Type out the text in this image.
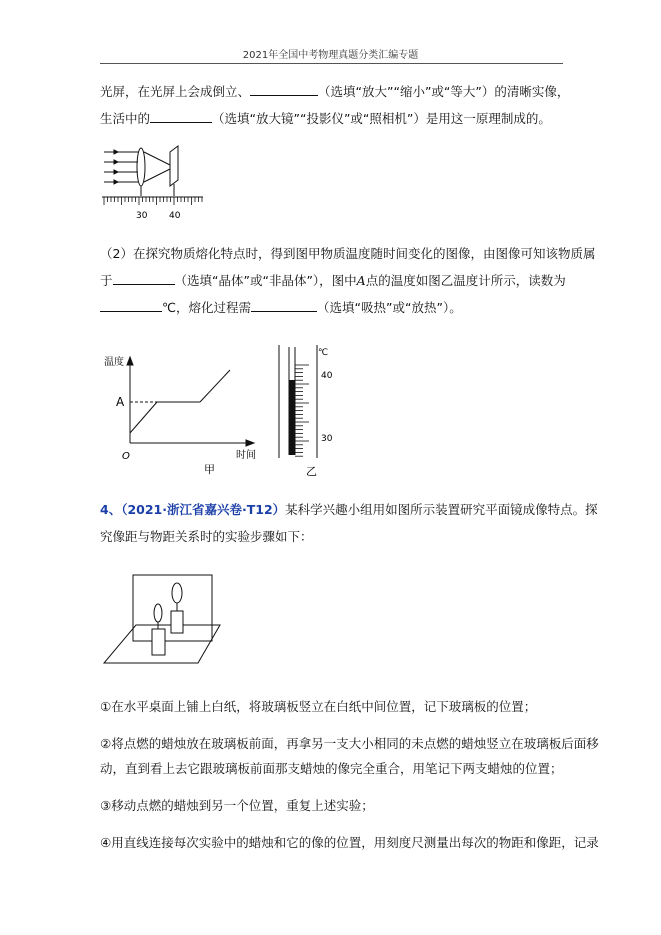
2021年全国中考物理真题分类汇编专题
光屏，在光屏上会成倒立、	（选填“放大”“缩小”或“等大”）的清晰实像，
生活中的	（选填“放大镜”“投影仪”或“照相机”）是用这一原理制成的。
30 40
（2）在探究物质熔化特点时，得到图甲物质温度随时间变化的图像，由图像可知该物质属
于	（选填“晶体”或“非晶体”），图中A点的温度如图乙温度计所示，读数为
℃，熔化过程需	（选填“吸热”或“放热”）。
温度
A
O	时间
甲
℃
40
30
乙
4、（2021·浙江省嘉兴卷·T12）某科学兴趣小组用如图所示装置研究平面镜成像特点。探
究像距与物距关系时的实验步骤如下：
①在水平桌面上铺上白纸，将玻璃板竖立在白纸中间位置，记下玻璃板的位置；
②将点燃的蜡烛放在玻璃板前面，再拿另一支大小相同的未点燃的蜡烛竖立在玻璃板后面移
动，直到看上去它跟玻璃板前面那支蜡烛的像完全重合，用笔记下两支蜡烛的位置；
③移动点燃的蜡烛到另一个位置，重复上述实验；
④用直线连接每次实验中的蜡烛和它的像的位置，用刻度尺测量出每次的物距和像距，记录
